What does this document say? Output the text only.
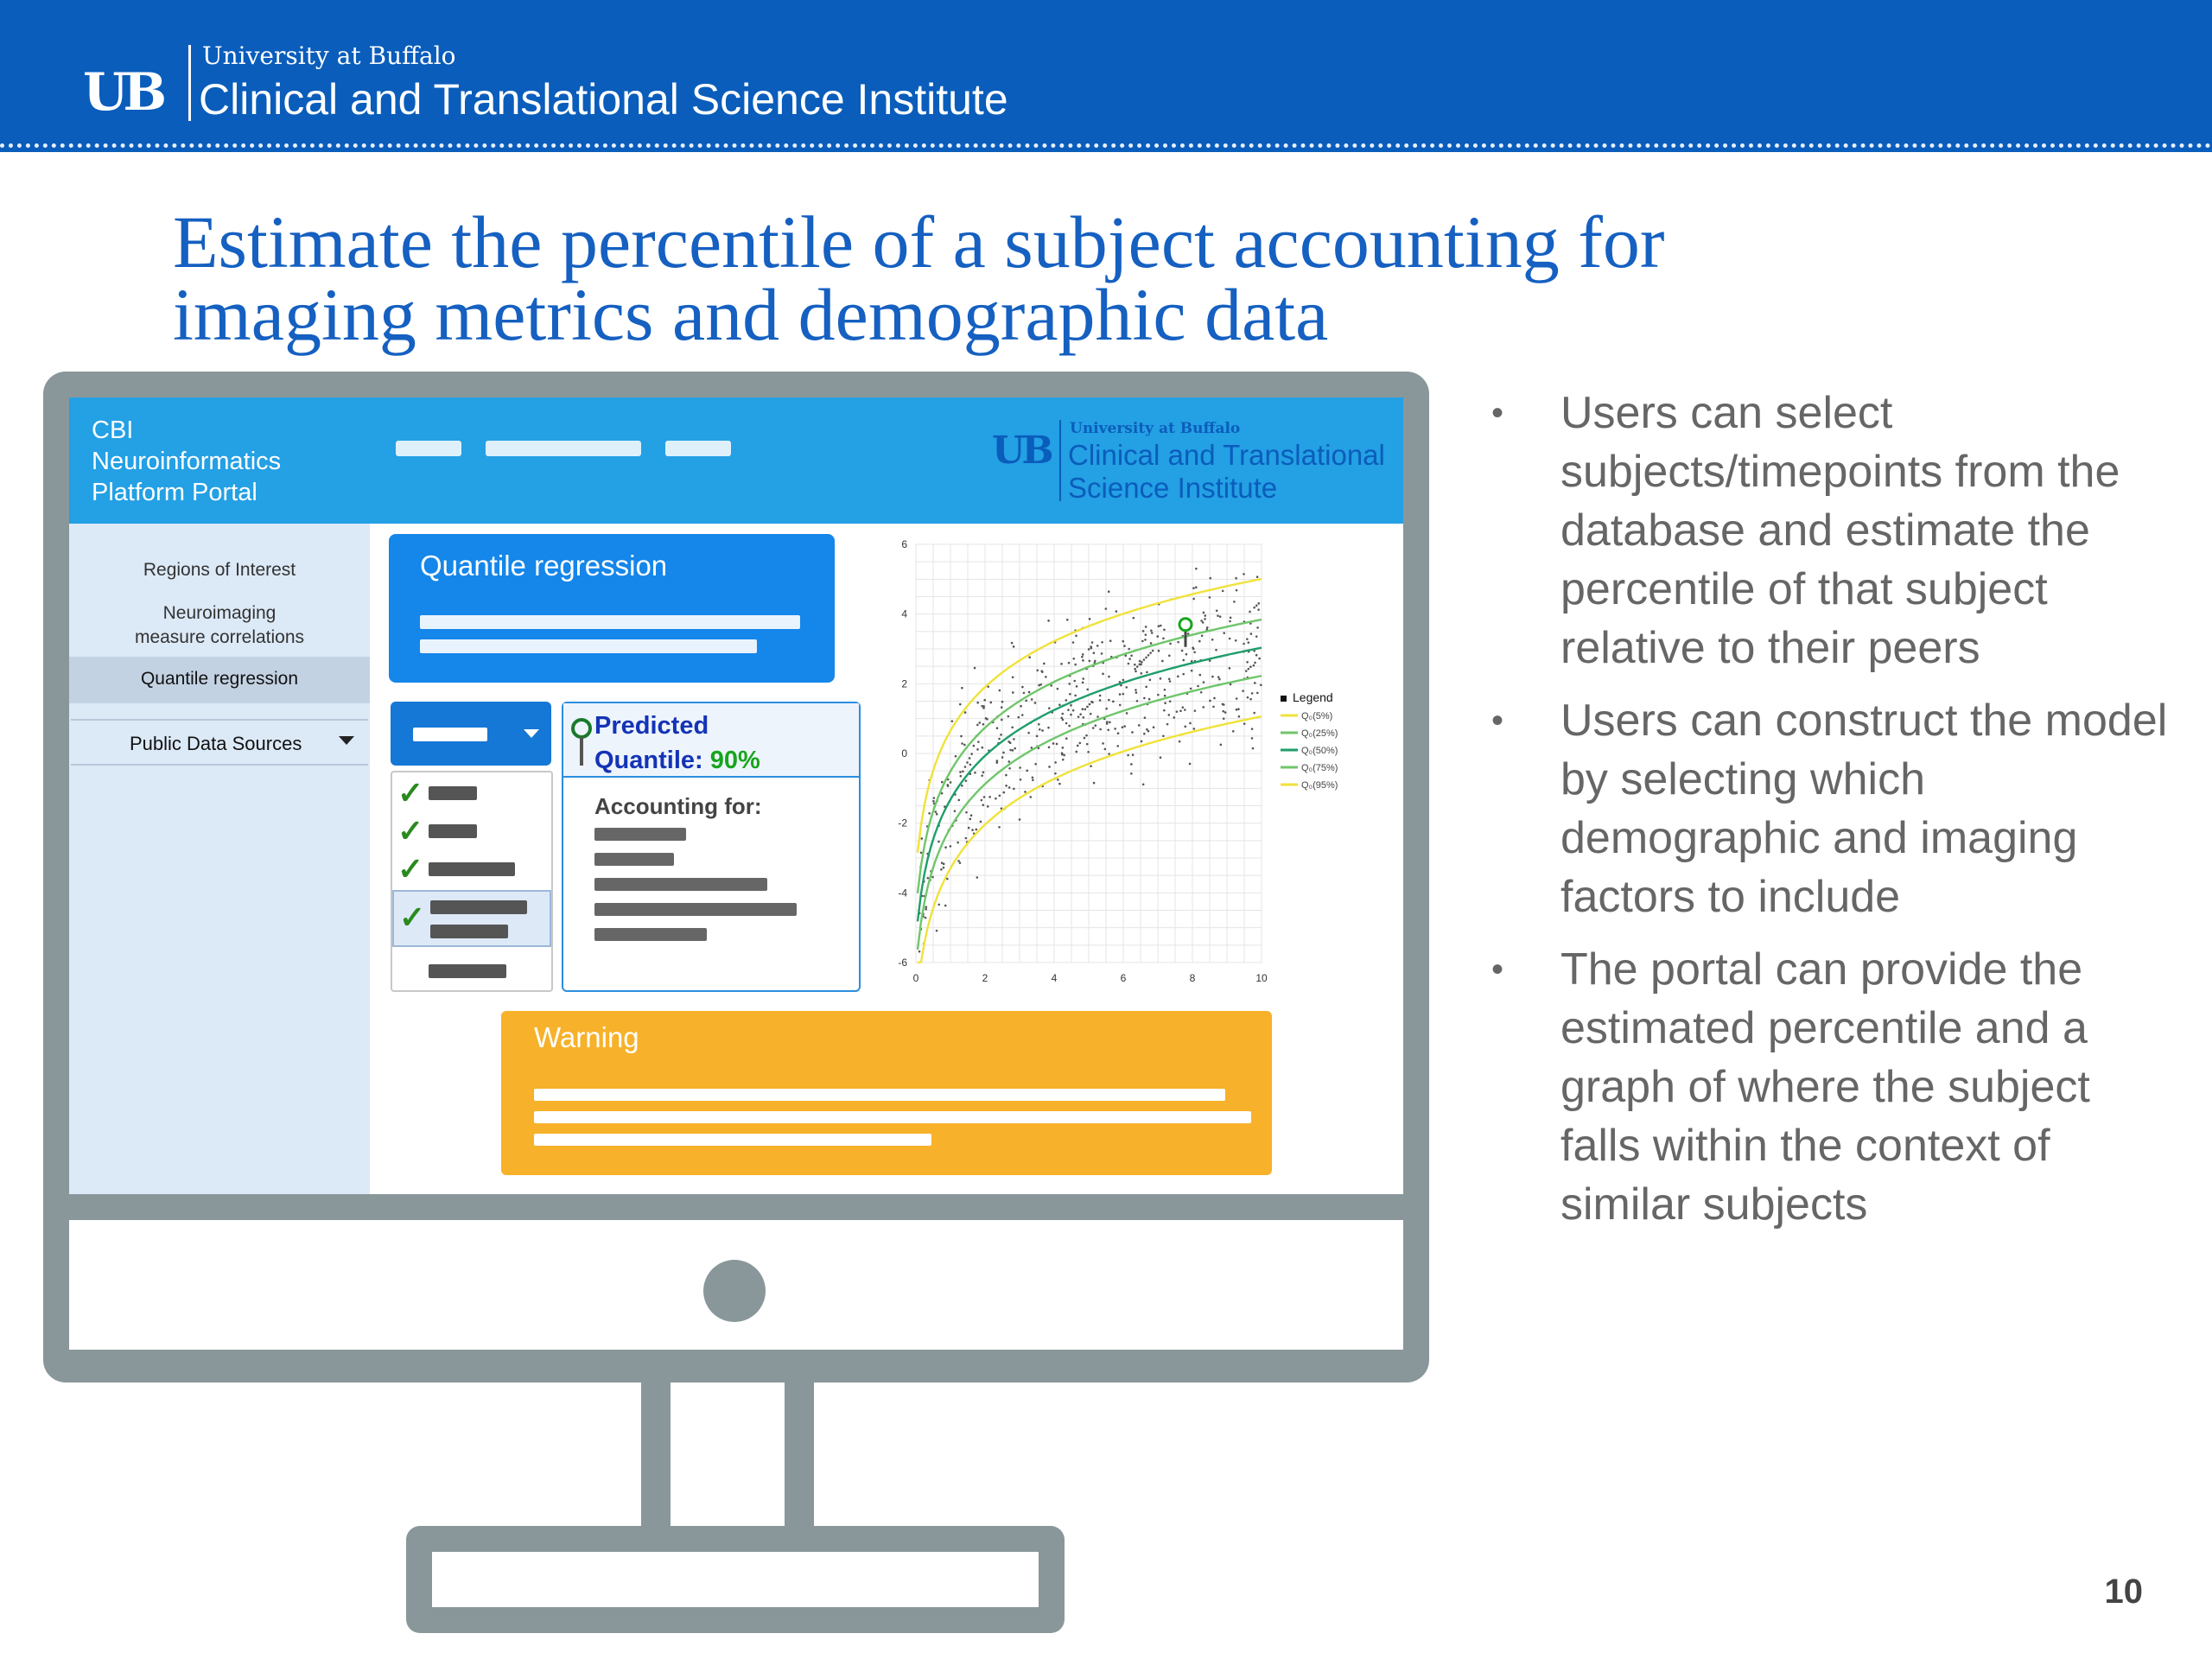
UB
University at Buffalo
Clinical and Translational Science Institute
Estimate the percentile of a subject accounting for
imaging metrics and demographic data
CBI Neuroinformatics Platform Portal
UB University at Buffalo
Clinical and Translational Science Institute
Regions of Interest
Neuroimaging measure correlations
Quantile regression
Public Data Sources
Quantile regression
✓
✓
✓
✓
Predicted
Quantile: 90%
Accounting for:
0	2	4	6	8	10
6
4
2
0
-2
-4
-6
Legend
Q₀(5%)
Q₀(25%)
Q₀(50%)
Q₀(75%)
Q₀(95%)
Warning
• Users can select subjects/timepoints from the database and estimate the percentile of that subject relative to their peers
• Users can construct the model by selecting which demographic and imaging factors to include
• The portal can provide the estimated percentile and a graph of where the subject falls within the context of similar subjects
10
